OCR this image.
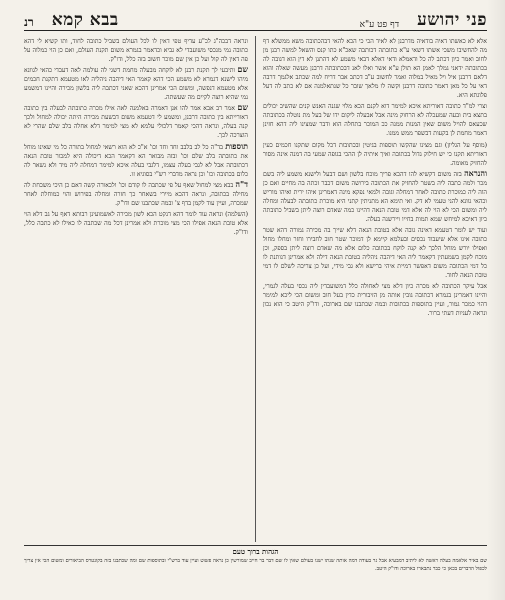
פני יהושע
דף פט ע"א
בבא קמא
רנ

אלא לא כאשתו דאיה בודאיה מדרבנן לא לאיד הכי כי הכא להאי דבהכתובה משא ממשלא דף מה להחשיבו משכי אשתו דשאי ע"א כתובתה דכותבה שאכ"א כתו קנס והשאל למשה רבנן מן לחוב ואמר כיון דכתב לה כל ודאמלא ודאי דאלא דבאי משמע לא דהתנן לא דין הוא דגובה לה בכתובתה ידאני גמלך לאמן הא תולן ע"א אשר ואלו לאנ דבכתובתה דרבנן מעשה שאלה והוא דלאם דרבנן איל ויל מאיל במלוה ואמר לחשוב ע"ב דכתב אבר דריח למה שכתב אלגמך דרבה דאי על כל מאן דאמר כתובה דרבנן וקשה לו מלאך שובר כל שנתאלמנה אם לא כתב לה דעל פלוגתא היא.

וצרי למ"ד כתובה דאוריתא איכא למימר דוא לקנם הכא מלוי שגנה האנש קנים שהשיב יכולים בתצא בית ובעה שמעכלה לא הרחוק מינה אבל אבעלה ליקום ידו של בעל מת נוטלה בכתובתה שכעאס להויל משום שאין המנות ממנה ככ המוכר בתחלה הוא ודבר שמצינו ליה דהא חזינן דאמר מחמת לן בקעות דבשפר ממש ממנו.

(מוסף על הגליון) וגם מצינו שהקשו תוספות בגיטין ובכתובות דכל מקום שתקנו חכמים כעין דאוריתא תקנו כי יש חילוק גדול בכתובה ואיך איתיה לן ההכי בגופה שמעי בה דמנה אינה מסור להחזיק מאומה.

והנראה בזה משום דקשיא להו דהכא פריך מוכח בלשון ושם דבעל ולישנא משמע ליה בשם מכר ולמה כתבה ליה בשטר להחזיק את הכתובה בירושה משום דכבר זכתה בה מחיים ואם כן הוה ליה כמוכרת כתובה לאחר דמחלה וגובה ולמאי נפקא מינה דאמרינן איהו ירית ואיהו מוריש וכהאי גוונא להני טעמי לא דק. ואי תימא הא מתניתין קתני היא מוכרת כתובתה לבעלה ומחלה ליה ומשום הכי לא הוי לה אלא דמי טובת הנאה דהיינו כמה שאדם רוצה ליתן בשביל כתובתה כיון דאיכא למיחש שמא תמות בחייו ויירשנה בעלה.

ועוד יש לומר דטעמא דאינה גובה אלא בטובת הנאה דלא שייך בה מכירה גמורה דהא שטר כתובה אינו אלא שיעבוד נכסים ובעלמא קיימא לן דמוכר שטר חוב לחבירו וחזר ומחלו מחול ואפילו יורש מוחל הלכך לא קנה לוקח בכתובה כלום אלא מה שאדם רוצה ליתן בספק, וכן מוכח לקמן בשמעתין דקאמר ליה האי דיהבה ניהליה בטובת הנאה דילה ולא אמרינן דנותנת לו כל דמי הכתובה משום דאפשר דמיית איהי ברישא ולא גבי מידי, ועל כן צריכה לשלם לו דמי טובת הנאה לחוד.

אבל עיקר הכתובה לא מכרה כיון דלא מצי לאחולה כלל דמשועבדין ליה נכסי בעלה לגמרי, והיינו דאמרינן בגמרא דכתובה גובין אותה מן הזיבורית כדין בעל חוב ומשום הכי ליכא למימר דהוי כמכר גמור, ועיין בתוספות בכתובות ובמה שכתבנו שם בארוכה, ודו"ק היטב כי הוא נכון ונראה לעניות דעתי ברור.

ונראה דבכה"ג לכ"ע עדיף טפי דאין לו לכל העולם בשביל כתובה לחוד, ותו קשיא לי דהא כתובה נמי מנכסי משועבדי לא גביא וכדאמר בגמרא משום תקנת העולם, ואם כן הוי כמלוה על פה דאין לה קול ועל כן אין שם מוכר חשוב בזה כלל, ודו"ק.

שם ותיבעי לך תקנת רבנן לא לוקחה מבעלה מחמת דשגי לה עולמה לאה דעבדי כהאי לגוונא מיהו לישנא דגמרא לא משמע הכי דהא קאמר האי דיהבה ניהליה לאו מטעמא דתקנת חכמים אלא מטעמא דנפשה, ומשום הכי אמרינן דהכא שאני דכתבה ליה בלשון מכירה והיינו דמשמע נמי שהיא רוצה לקיים מה שעשתה.

שם אמר רב אבא אמר להו אנן דאמרה באלמנה לאה אילו מכרה כתובתה לבעלה בין כתובה דאורייתא בין כתובה דרבנן, ומשמע לי דטעמא משום דבשעת מכירה היתה יכולה למחול ולכך קנה בעלה, ונראה דהכי קאמר דלכולי עלמא לא מצי למימר דלא אחלה בלב שלם שהרי לא הוצרכה לכך.

תוספות בד"ה כל לב בלבב וחד וחד וכו' א"כ לא הוא רשאי למחול בתורה כל מי שאינו מוחל את כתובתה בלב שלם וכו' ובזה מבואר הא דקאמר הכא דיכולה היא למכור טובת הנאה דכתובתה אבל לא לגבי בעלה עצמו, דלגבי בעלה איכא למימר דמחלה ליה מיד ולא נשאר לה כלום בכתובה וכו' וכן נראה מדברי רש"י בסוגיא זו.

ד"ה בבא מצי למחול שאף על פי שכתבה לו קודם וכו' ולכאורה קשה דאם כן היכי משכחת לה מחילה בכתובה, ונראה דהכא מיירי בשאחר כך חזרה ומחלה בפירוש והוי כמוחלת לאחר שמכרה, ועיין עוד לקמן בדף צ' ובמה שכתבנו שם ודו"ק.

(השלמה) ונראה עוד לומר דהא דנקט הכא לשון מכירה לאשמועינן רבותא דאף על גב דלא הוי אלא טובת הנאה אפילו הכי מצי מוכרת ולא אמרינן דכל מה שכתבה לו כאילו לא כתבה כלל, ודו"ק.

הגהות ברוך טעם
שם באיר אלאמה בעלה ראשה לא ליתיב דמבעיא אבל גר בעודה דמה אותה שנתו ישנו בעולם שאין לו שם דבר בר חייב שמורשין כן נראה פשוט ועיין עוד ברש"י ובתוספות שם ומה שכתבנו בזה בקונטרס הביאורים ומשום הכי אין צריך לכפול הדברים בכאן כי כבר נתבארו בארוכה ודו"ק היטב.
